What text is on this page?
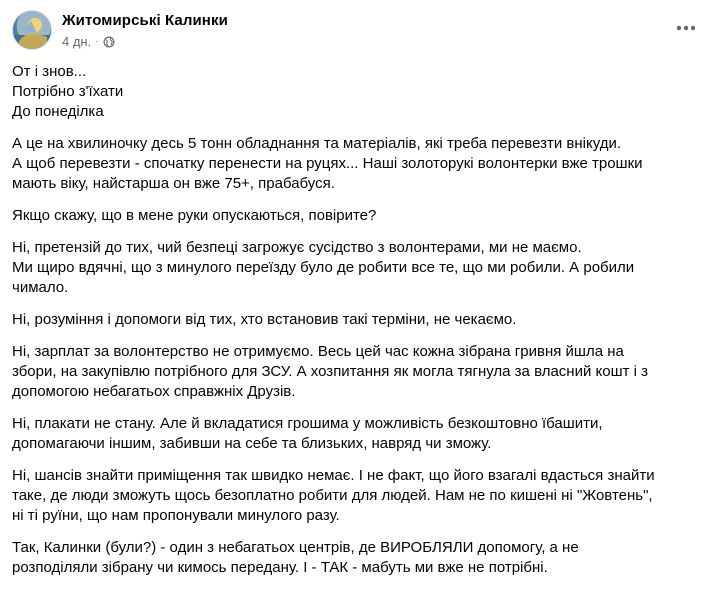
Житомирські Калинки
4 дн. ·

От і знов...
Потрібно з'їхати
До понеділка

А це на хвилиночку десь 5 тонн обладнання та матеріалів, які треба перевезти внікуди.
А щоб перевезти - спочатку перенести на руцях... Наші золоторукі волонтерки вже трошки
мають віку, найстарша он вже 75+, прабабуся.

Якщо скажу, що в мене руки опускаються, повірите?

Ні, претензій до тих, чий безпеці загрожує сусідство з волонтерами, ми не маємо.
Ми щиро вдячні, що з минулого переїзду було де робити все те, що ми робили. А робили
чимало.

Ні, розуміння і допомоги від тих, хто встановив такі терміни, не чекаємо.

Ні, зарплат за волонтерство не отримуємо. Весь цей час кожна зібрана гривня йшла на
збори, на закупівлю потрібного для ЗСУ. А хозпитання як могла тягнула за власний кошт і з
допомогою небагатьох справжніх Друзів.

Ні, плакати не стану. Але й вкладатися грошима у можливість безкоштовно їбашити,
допомагаючи іншим, забивши на себе та близьких, навряд чи зможу.

Ні, шансів знайти приміщення так швидко немає. І не факт, що його взагалі вдасться знайти
таке, де люди зможуть щось безоплатно робити для людей. Нам не по кишені ні "Жовтень",
ні ті руїни, що нам пропонували минулого разу.

Так, Калинки (були?) - один з небагатьох центрів, де ВИРОБЛЯЛИ допомогу, а не
розподіляли зібрану чи кимось передану. І - ТАК - мабуть ми вже не потрібні.
